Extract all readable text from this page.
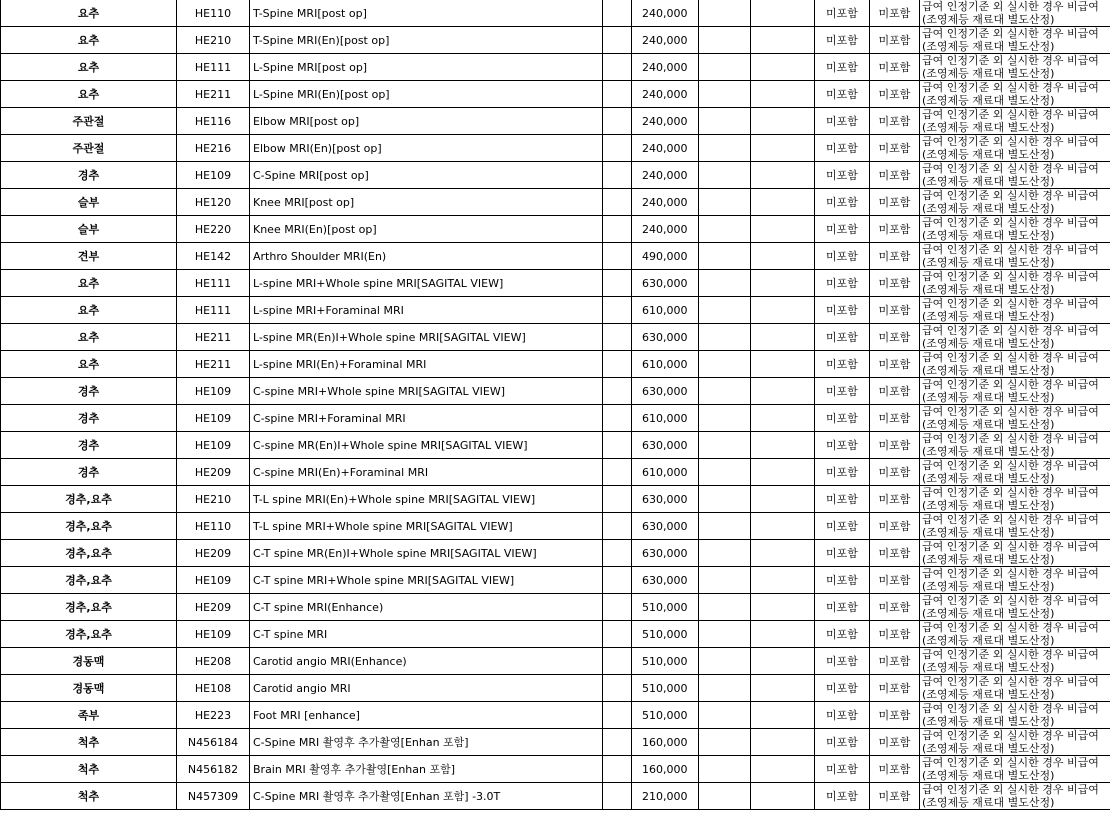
요추	HE110	T-Spine MRI[post op]		240,000			미포함	미포함	급여 인정기준 외 실시한 경우 비급여
(조영제등 재료대 별도산정)

요추	HE210	T-Spine MRI(En)[post op]		240,000			미포함	미포함	급여 인정기준 외 실시한 경우 비급여
(조영제등 재료대 별도산정)

요추	HE111	L-Spine MRI[post op]		240,000			미포함	미포함	급여 인정기준 외 실시한 경우 비급여
(조영제등 재료대 별도산정)

요추	HE211	L-Spine MRI(En)[post op]		240,000			미포함	미포함	급여 인정기준 외 실시한 경우 비급여
(조영제등 재료대 별도산정)

주관절	HE116	Elbow MRI[post op]		240,000			미포함	미포함	급여 인정기준 외 실시한 경우 비급여
(조영제등 재료대 별도산정)

주관절	HE216	Elbow MRI(En)[post op]		240,000			미포함	미포함	급여 인정기준 외 실시한 경우 비급여
(조영제등 재료대 별도산정)

경추	HE109	C-Spine MRI[post op]		240,000			미포함	미포함	급여 인정기준 외 실시한 경우 비급여
(조영제등 재료대 별도산정)

슬부	HE120	Knee MRI[post op]		240,000			미포함	미포함	급여 인정기준 외 실시한 경우 비급여
(조영제등 재료대 별도산정)

슬부	HE220	Knee MRI(En)[post op]		240,000			미포함	미포함	급여 인정기준 외 실시한 경우 비급여
(조영제등 재료대 별도산정)

견부	HE142	Arthro Shoulder MRI(En)		490,000			미포함	미포함	급여 인정기준 외 실시한 경우 비급여
(조영제등 재료대 별도산정)

요추	HE111	L-spine MRI+Whole spine MRI[SAGITAL VIEW]		630,000			미포함	미포함	급여 인정기준 외 실시한 경우 비급여
(조영제등 재료대 별도산정)

요추	HE111	L-spine MRI+Foraminal MRI		610,000			미포함	미포함	급여 인정기준 외 실시한 경우 비급여
(조영제등 재료대 별도산정)

요추	HE211	L-spine MR(En)I+Whole spine MRI[SAGITAL VIEW]		630,000			미포함	미포함	급여 인정기준 외 실시한 경우 비급여
(조영제등 재료대 별도산정)

요추	HE211	L-spine MRI(En)+Foraminal MRI		610,000			미포함	미포함	급여 인정기준 외 실시한 경우 비급여
(조영제등 재료대 별도산정)

경추	HE109	C-spine MRI+Whole spine MRI[SAGITAL VIEW]		630,000			미포함	미포함	급여 인정기준 외 실시한 경우 비급여
(조영제등 재료대 별도산정)

경추	HE109	C-spine MRI+Foraminal MRI		610,000			미포함	미포함	급여 인정기준 외 실시한 경우 비급여
(조영제등 재료대 별도산정)

경추	HE109	C-spine MR(En)I+Whole spine MRI[SAGITAL VIEW]		630,000			미포함	미포함	급여 인정기준 외 실시한 경우 비급여
(조영제등 재료대 별도산정)

경추	HE209	C-spine MRI(En)+Foraminal MRI		610,000			미포함	미포함	급여 인정기준 외 실시한 경우 비급여
(조영제등 재료대 별도산정)

경추,요추	HE210	T-L spine MRI(En)+Whole spine MRI[SAGITAL VIEW]		630,000			미포함	미포함	급여 인정기준 외 실시한 경우 비급여
(조영제등 재료대 별도산정)

경추,요추	HE110	T-L spine MRI+Whole spine MRI[SAGITAL VIEW]		630,000			미포함	미포함	급여 인정기준 외 실시한 경우 비급여
(조영제등 재료대 별도산정)

경추,요추	HE209	C-T spine MR(En)I+Whole spine MRI[SAGITAL VIEW]		630,000			미포함	미포함	급여 인정기준 외 실시한 경우 비급여
(조영제등 재료대 별도산정)

경추,요추	HE109	C-T spine MRI+Whole spine MRI[SAGITAL VIEW]		630,000			미포함	미포함	급여 인정기준 외 실시한 경우 비급여
(조영제등 재료대 별도산정)

경추,요추	HE209	C-T spine MRI(Enhance)		510,000			미포함	미포함	급여 인정기준 외 실시한 경우 비급여
(조영제등 재료대 별도산정)

경추,요추	HE109	C-T spine MRI		510,000			미포함	미포함	급여 인정기준 외 실시한 경우 비급여
(조영제등 재료대 별도산정)

경동맥	HE208	Carotid angio MRI(Enhance)		510,000			미포함	미포함	급여 인정기준 외 실시한 경우 비급여
(조영제등 재료대 별도산정)

경동맥	HE108	Carotid angio MRI		510,000			미포함	미포함	급여 인정기준 외 실시한 경우 비급여
(조영제등 재료대 별도산정)

족부	HE223	Foot MRI [enhance]		510,000			미포함	미포함	급여 인정기준 외 실시한 경우 비급여
(조영제등 재료대 별도산정)

척추	N456184	C-Spine MRI 촬영후 추가촬영[Enhan 포함]		160,000			미포함	미포함	급여 인정기준 외 실시한 경우 비급여
(조영제등 재료대 별도산정)

척추	N456182	Brain MRI 촬영후 추가촬영[Enhan 포함]		160,000			미포함	미포함	급여 인정기준 외 실시한 경우 비급여
(조영제등 재료대 별도산정)

척추	N457309	C-Spine MRI 촬영후 추가촬영[Enhan 포함] -3.0T		210,000			미포함	미포함	급여 인정기준 외 실시한 경우 비급여
(조영제등 재료대 별도산정)
